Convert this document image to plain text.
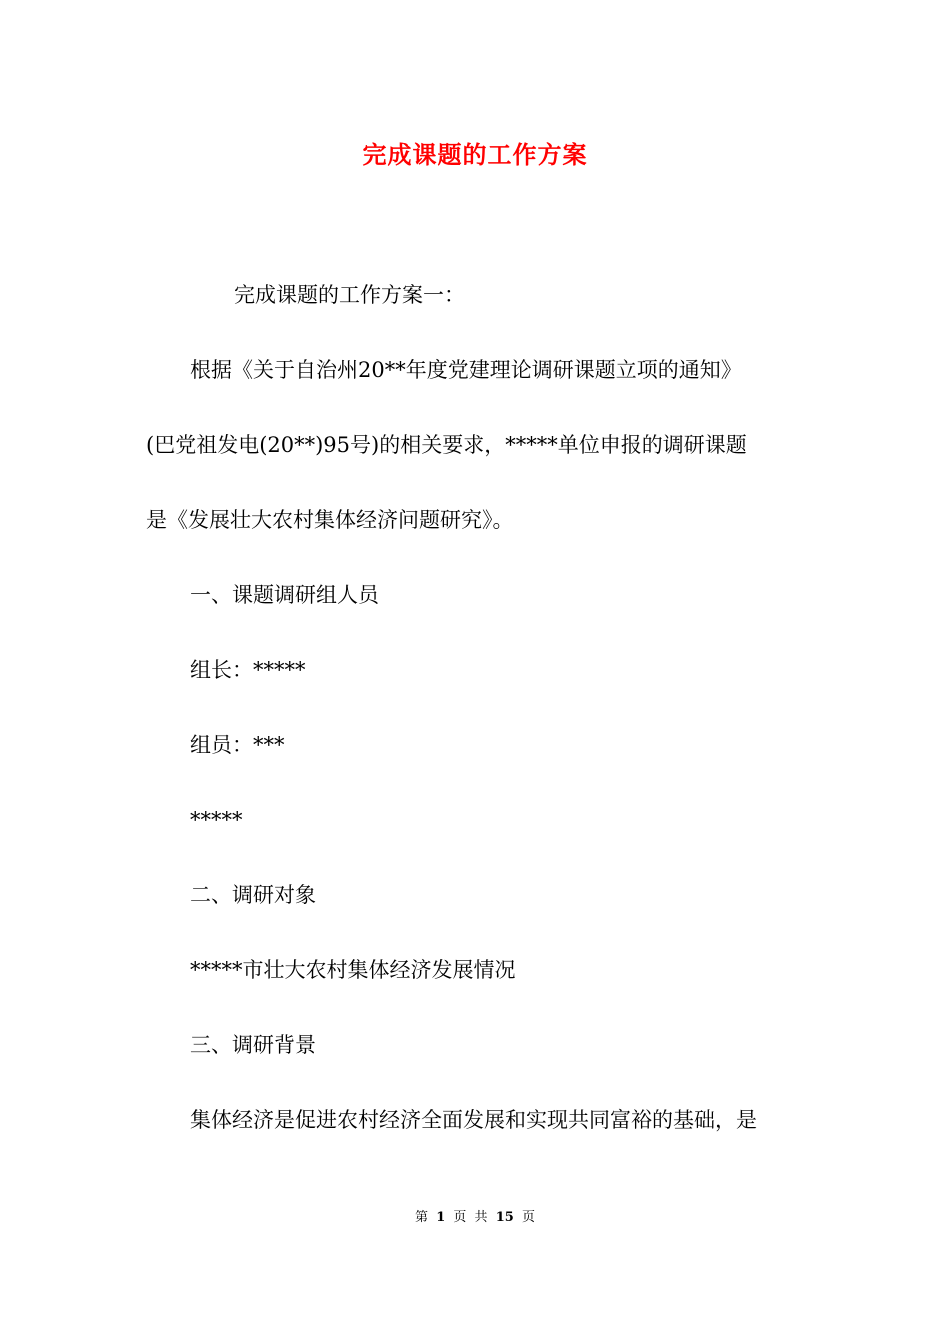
完成课题的工作方案
完成课题的工作方案一：
根据《关于自治州20**年度党建理论调研课题立项的通知》
(巴党祖发电(20**)95号)的相关要求，*****单位申报的调研课题
是《发展壮大农村集体经济问题研究》。
一、课题调研组人员
组长：*****
组员：***
*****
二、调研对象
*****市壮大农村集体经济发展情况
三、调研背景
集体经济是促进农村经济全面发展和实现共同富裕的基础，是
第 1 页 共 15 页
